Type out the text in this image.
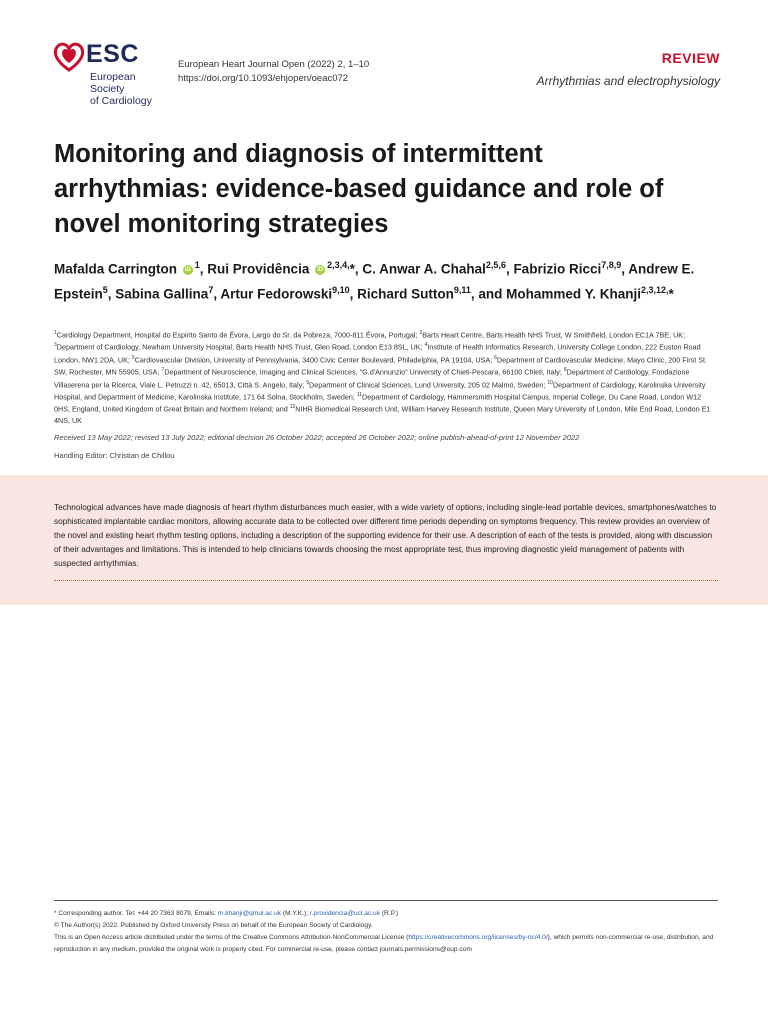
ESC
European Society
of Cardiology
European Heart Journal Open (2022) 2, 1–10
https://doi.org/10.1093/ehjopen/oeac072
REVIEW
Arrhythmias and electrophysiology
Monitoring and diagnosis of intermittent arrhythmias: evidence-based guidance and role of novel monitoring strategies
Mafalda Carrington iD $^1$, Rui Providência iD $^{2,3,4,}$*, C. Anwar A. Chahal$^{2,5,6}$, Fabrizio Ricci$^{7,8,9}$, Andrew E. Epstein$^5$, Sabina Gallina$^7$, Artur Fedorowski$^{9,10}$, Richard Sutton$^{9,11}$, and Mohammed Y. Khanji$^{2,3,12,}$*

$^1$Cardiology Department, Hospital do Espirito Santo de Évora, Largo do Sr. da Pobreza, 7000-811 Évora, Portugal; $^2$Barts Heart Centre, Barts Health NHS Trust, W Smithfield, London EC1A 7BE, UK; $^3$Department of Cardiology, Newham University Hospital, Barts Health NHS Trust, Glen Road, London E13 8SL, UK; $^4$Institute of Health Informatics Research, University College London, 222 Euston Road London, NW1 2DA, UK; $^5$Cardiovascular Division, University of Pennsylvania, 3400 Civic Center Boulevard, Philadelphia, PA 19104, USA; $^6$Department of Cardiovascular Medicine, Mayo Clinic, 200 First St. SW, Rochester, MN 55905, USA; $^7$Department of Neuroscience, Imaging and Clinical Sciences, "G.d'Annunzio" University of Chieti-Pescara, 66100 Chieti, Italy; $^8$Department of Cardiology, Fondazione Villaserena per la Ricerca, Viale L. Petruzzi n. 42, 65013, Città S. Angelo, Italy; $^9$Department of Clinical Sciences, Lund University, 205 02 Malmö, Sweden; $^{10}$Department of Cardiology, Karolinska University Hospital, and Department of Medicine, Karolinska Institute, 171 64 Solna, Stockholm, Sweden; $^{11}$Department of Cardiology, Hammersmith Hospital Campus, Imperial College, Du Cane Road, London W12 0HS, England, United Kingdom of Great Britain and Northern Ireland; and $^{12}$NIHR Biomedical Research Unit, William Harvey Research Institute, Queen Mary University of London, Mile End Road, London E1 4NS, UK

Received 13 May 2022; revised 13 July 2022; editorial decision 26 October 2022; accepted 26 October 2022; online publish-ahead-of-print 12 November 2022
Handling Editor: Christian de Chillou

Technological advances have made diagnosis of heart rhythm disturbances much easier, with a wide variety of options, including single-lead portable devices, smartphones/watches to sophisticated implantable cardiac monitors, allowing accurate data to be collected over different time periods depending on symptoms frequency. This review provides an overview of the novel and existing heart rhythm testing options, including a description of the supporting evidence for their use. A description of each of the tests is provided, along with discussion of their advantages and limitations. This is intended to help clinicians towards choosing the most appropriate test, thus improving diagnostic yield management of patients with suspected arrhythmias.

* Corresponding author. Tel: +44 20 7363 8079, Emails: m.khanji@qmul.ac.uk (M.Y.K.); r.providencia@ucl.ac.uk (R.P.)
© The Author(s) 2022. Published by Oxford University Press on behalf of the European Society of Cardiology.
This is an Open Access article distributed under the terms of the Creative Commons Attribution-NonCommercial License (https://creativecommons.org/licenses/by-nc/4.0/), which permits non-commercial re-use, distribution, and reproduction in any medium, provided the original work is properly cited. For commercial re-use, please contact journals.permissions@oup.com
